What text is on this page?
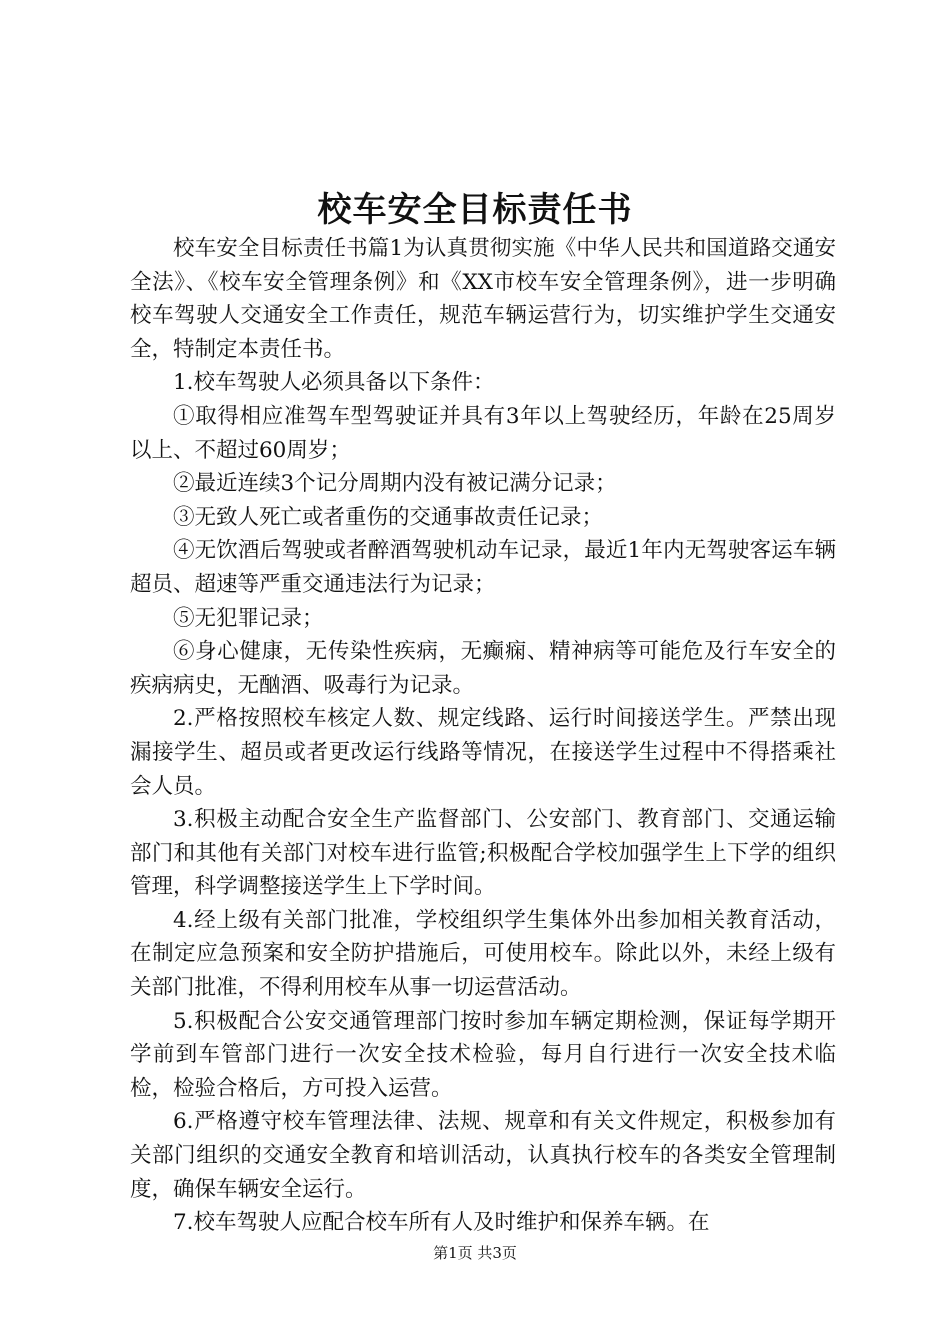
校车安全目标责任书

校车安全目标责任书篇1为认真贯彻实施《中华人民共和国道路交通安全法》、《校车安全管理条例》和《XX市校车安全管理条例》，进一步明确校车驾驶人交通安全工作责任，规范车辆运营行为，切实维护学生交通安全，特制定本责任书。

1.校车驾驶人必须具备以下条件：

①取得相应准驾车型驾驶证并具有3年以上驾驶经历，年龄在25周岁以上、不超过60周岁；

②最近连续3个记分周期内没有被记满分记录；

③无致人死亡或者重伤的交通事故责任记录；

④无饮酒后驾驶或者醉酒驾驶机动车记录，最近1年内无驾驶客运车辆超员、超速等严重交通违法行为记录；

⑤无犯罪记录；

⑥身心健康，无传染性疾病，无癫痫、精神病等可能危及行车安全的疾病病史，无酗酒、吸毒行为记录。

2.严格按照校车核定人数、规定线路、运行时间接送学生。严禁出现漏接学生、超员或者更改运行线路等情况，在接送学生过程中不得搭乘社会人员。

3.积极主动配合安全生产监督部门、公安部门、教育部门、交通运输部门和其他有关部门对校车进行监管;积极配合学校加强学生上下学的组织管理，科学调整接送学生上下学时间。

4.经上级有关部门批准，学校组织学生集体外出参加相关教育活动，在制定应急预案和安全防护措施后，可使用校车。除此以外，未经上级有关部门批准，不得利用校车从事一切运营活动。

5.积极配合公安交通管理部门按时参加车辆定期检测，保证每学期开学前到车管部门进行一次安全技术检验，每月自行进行一次安全技术临检，检验合格后，方可投入运营。

6.严格遵守校车管理法律、法规、规章和有关文件规定，积极参加有关部门组织的交通安全教育和培训活动，认真执行校车的各类安全管理制度，确保车辆安全运行。

7.校车驾驶人应配合校车所有人及时维护和保养车辆。在

第1页 共3页
